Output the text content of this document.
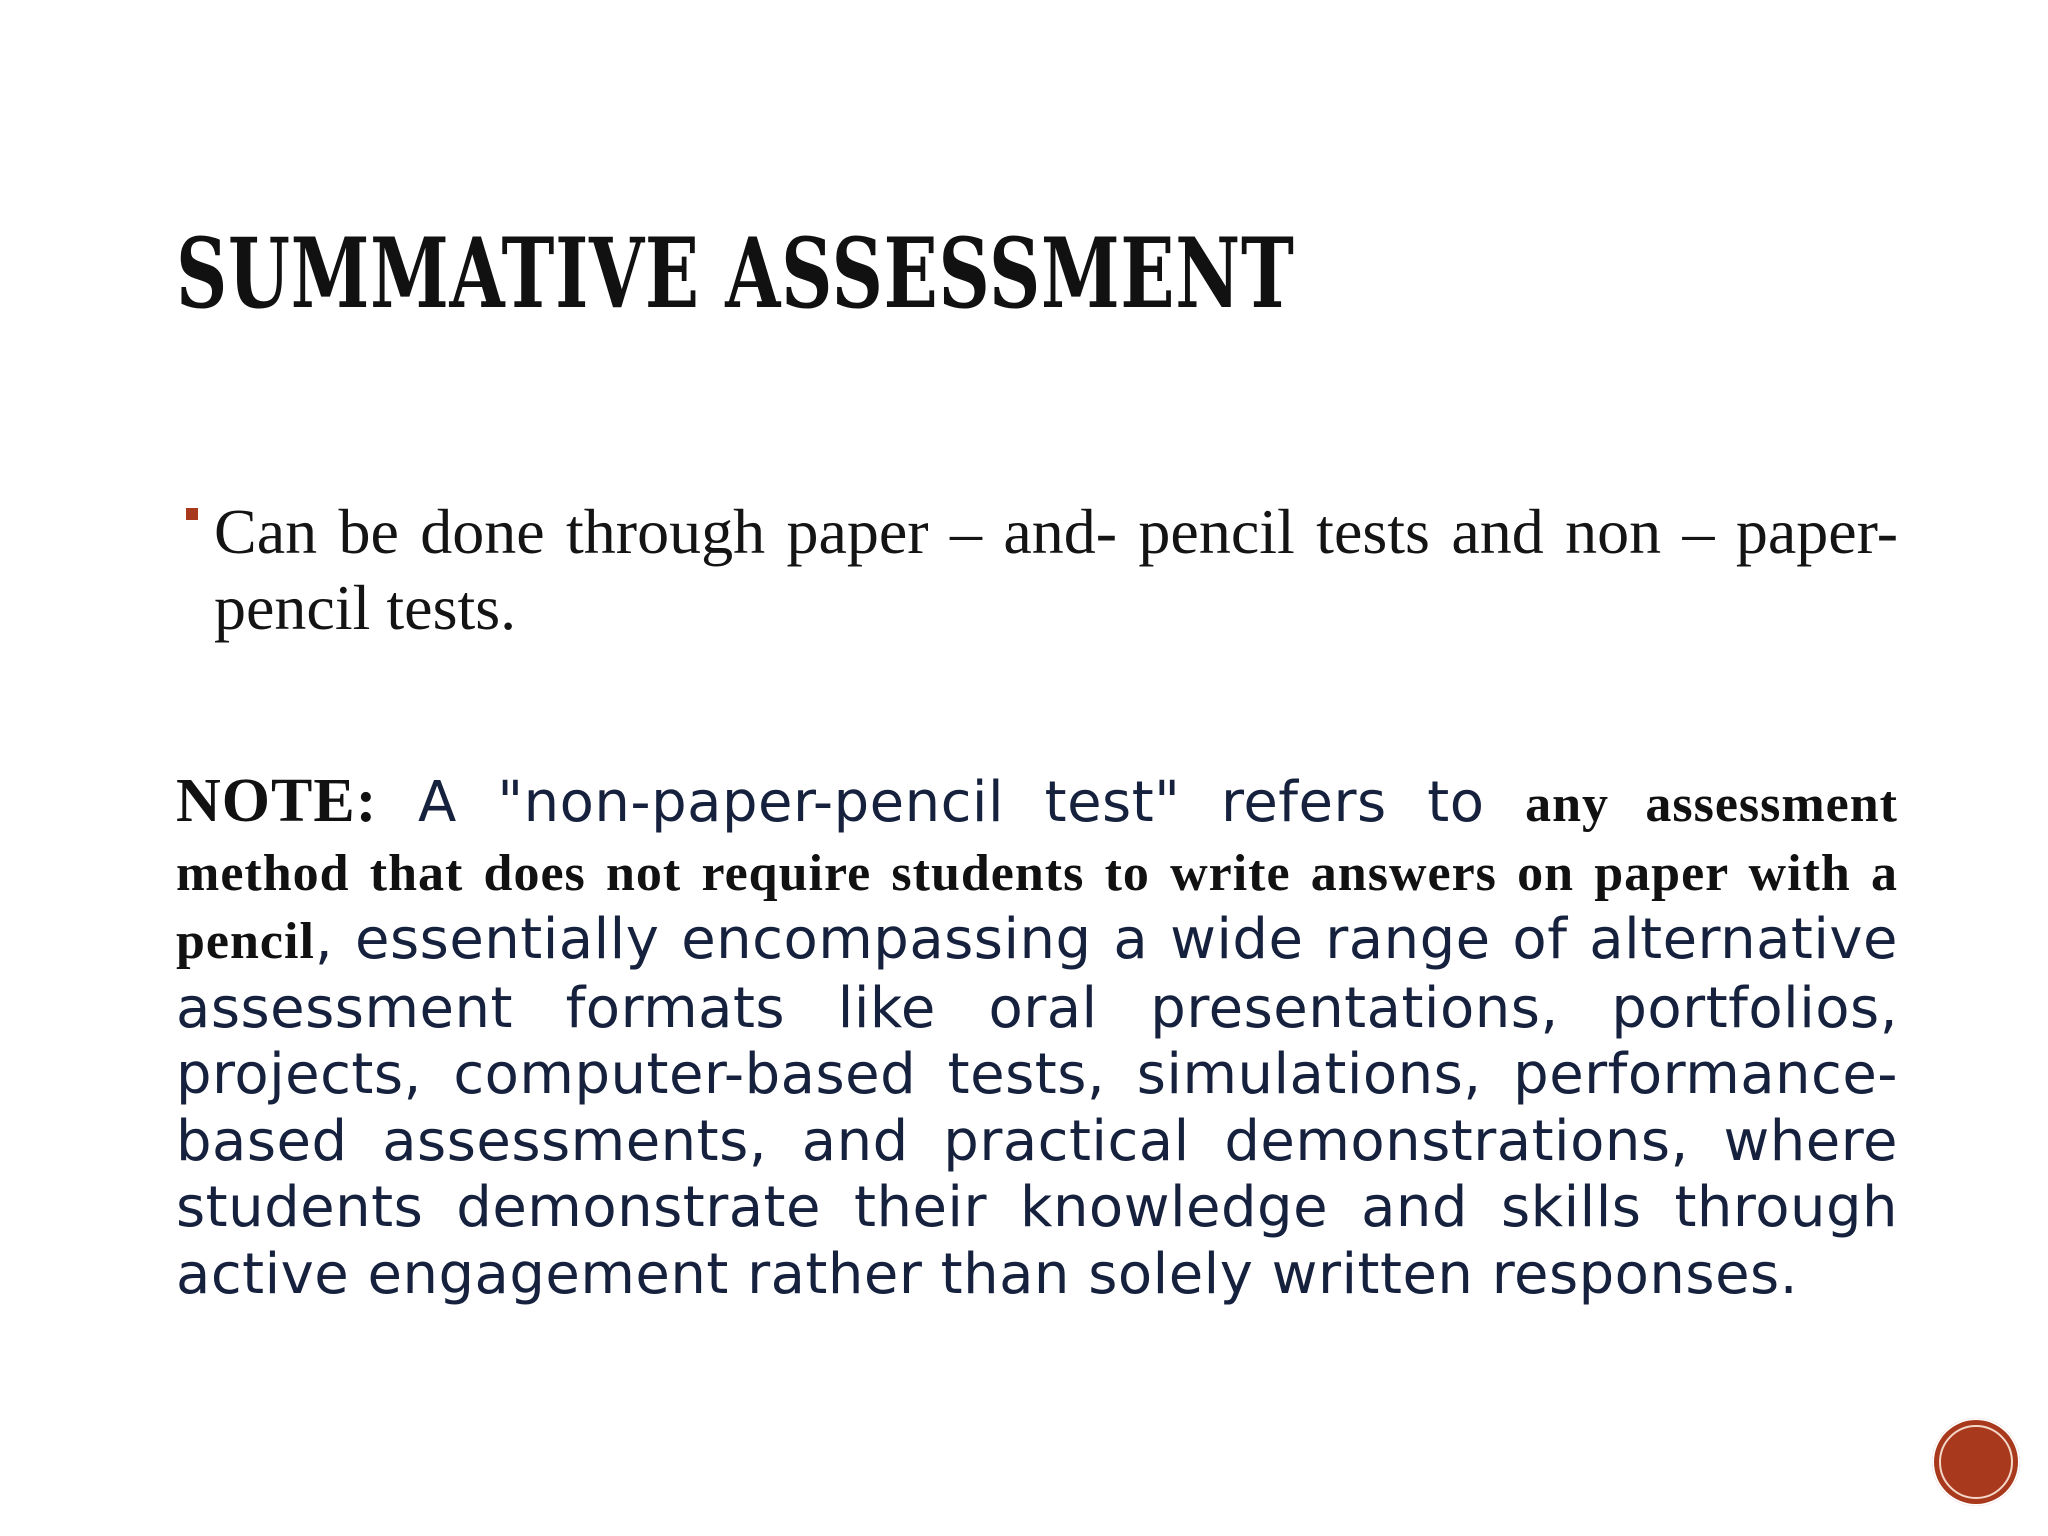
SUMMATIVE ASSESSMENT

Can be done through paper – and- pencil tests and non – paper-pencil tests.

NOTE: A "non-paper-pencil test" refers to any assessment method that does not require students to write answers on paper with a pencil, essentially encompassing a wide range of alternative assessment formats like oral presentations, portfolios, projects, computer-based tests, simulations, performance-based assessments, and practical demonstrations, where students demonstrate their knowledge and skills through active engagement rather than solely written responses.
